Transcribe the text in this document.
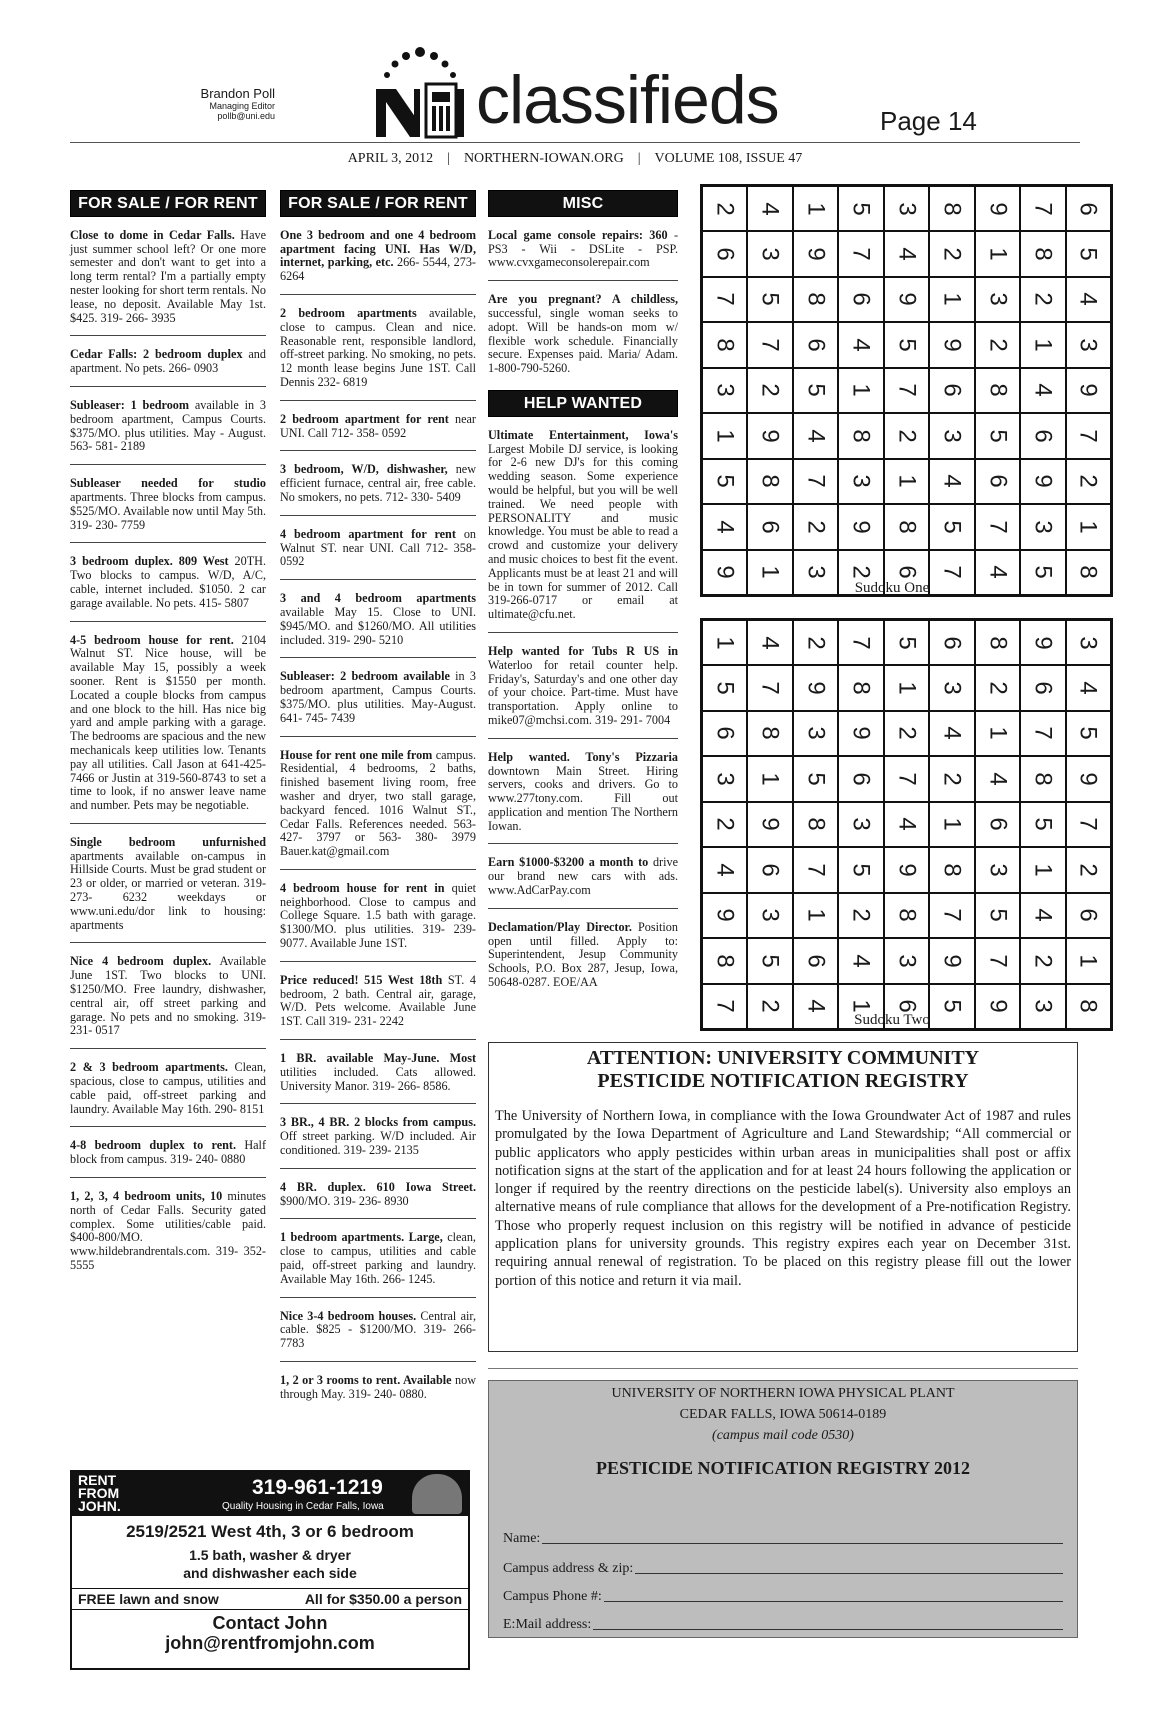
Brandon Poll
Managing Editor
pollb@uni.edu	classifieds	Page 14
APRIL 3, 2012 | NORTHERN-IOWAN.ORG | VOLUME 108, ISSUE 47
FOR SALE / FOR RENT
Close to dome in Cedar Falls. Have just summer school left? Or one more semester and don't want to get into a long term rental? I'm a partially empty nester looking for short term rentals. No lease, no deposit. Available May 1st. $425. 319- 266- 3935
Cedar Falls: 2 bedroom duplex and apartment. No pets. 266- 0903
Subleaser: 1 bedroom available in 3 bedroom apartment, Campus Courts. $375/MO. plus utilities. May - August. 563- 581- 2189
Subleaser needed for studio apartments. Three blocks from campus. $525/MO. Available now until May 5th. 319- 230- 7759
3 bedroom duplex. 809 West 20TH. Two blocks to campus. W/D, A/C, cable, internet included. $1050. 2 car garage available. No pets. 415- 5807
4-5 bedroom house for rent. 2104 Walnut ST. Nice house, will be available May 15, possibly a week sooner. Rent is $1550 per month. Located a couple blocks from campus and one block to the hill. Has nice big yard and ample parking with a garage. The bedrooms are spacious and the new mechanicals keep utilities low. Tenants pay all utilities. Call Jason at 641-425-7466 or Justin at 319-560-8743 to set a time to look, if no answer leave name and number. Pets may be negotiable.
Single bedroom unfurnished apartments available on-campus in Hillside Courts. Must be grad student or 23 or older, or married or veteran. 319- 273- 6232 weekdays or www.uni.edu/dor link to housing: apartments
Nice 4 bedroom duplex. Available June 1ST. Two blocks to UNI. $1250/MO. Free laundry, dishwasher, central air, off street parking and garage. No pets and no smoking. 319- 231- 0517
2 & 3 bedroom apartments. Clean, spacious, close to campus, utilities and cable paid, off-street parking and laundry. Available May 16th. 290- 8151
4-8 bedroom duplex to rent. Half block from campus. 319- 240- 0880
1, 2, 3, 4 bedroom units, 10 minutes north of Cedar Falls. Security gated complex. Some utilities/cable paid. $400-800/MO. www.hildebrandrentals.com. 319- 352- 5555
FOR SALE / FOR RENT
One 3 bedroom and one 4 bedroom apartment facing UNI. Has W/D, internet, parking, etc. 266- 5544, 273- 6264
2 bedroom apartments available, close to campus. Clean and nice. Reasonable rent, responsible landlord, off-street parking. No smoking, no pets. 12 month lease begins June 1ST. Call Dennis 232- 6819
2 bedroom apartment for rent near UNI. Call 712- 358- 0592
3 bedroom, W/D, dishwasher, new efficient furnace, central air, free cable. No smokers, no pets. 712- 330- 5409
4 bedroom apartment for rent on Walnut ST. near UNI. Call 712- 358- 0592
3 and 4 bedroom apartments available May 15. Close to UNI. $945/MO. and $1260/MO. All utilities included. 319- 290- 5210
Subleaser: 2 bedroom available in 3 bedroom apartment, Campus Courts. $375/MO. plus utilities. May-August. 641- 745- 7439
House for rent one mile from campus. Residential, 4 bedrooms, 2 baths, finished basement living room, free washer and dryer, two stall garage, backyard fenced. 1016 Walnut ST., Cedar Falls. References needed. 563- 427- 3797 or 563- 380- 3979 Bauer.kat@gmail.com
4 bedroom house for rent in quiet neighborhood. Close to campus and College Square. 1.5 bath with garage. $1300/MO. plus utilities. 319- 239- 9077. Available June 1ST.
Price reduced! 515 West 18th ST. 4 bedroom, 2 bath. Central air, garage, W/D. Pets welcome. Available June 1ST. Call 319- 231- 2242
1 BR. available May-June. Most utilities included. Cats allowed. University Manor. 319- 266- 8586.
3 BR., 4 BR. 2 blocks from campus. Off street parking. W/D included. Air conditioned. 319- 239- 2135
4 BR. duplex. 610 Iowa Street. $900/MO. 319- 236- 8930
1 bedroom apartments. Large, clean, close to campus, utilities and cable paid, off-street parking and laundry. Available May 16th. 266- 1245.
Nice 3-4 bedroom houses. Central air, cable. $825 - $1200/MO. 319- 266- 7783
1, 2 or 3 rooms to rent. Available now through May. 319- 240- 0880.
MISC
Local game console repairs: 360 - PS3 - Wii - DSLite - PSP. www.cvxgameconsolerepair.com
Are you pregnant? A childless, successful, single woman seeks to adopt. Will be hands-on mom w/ flexible work schedule. Financially secure. Expenses paid. Maria/ Adam. 1-800-790-5260.
HELP WANTED
Ultimate Entertainment, Iowa's Largest Mobile DJ service, is looking for 2-6 new DJ's for this coming wedding season. Some experience would be helpful, but you will be well trained. We need people with PERSONALITY and music knowledge. You must be able to read a crowd and customize your delivery and music choices to best fit the event. Applicants must be at least 21 and will be in town for summer of 2012. Call 319-266-0717 or email at ultimate@cfu.net.
Help wanted for Tubs R US in Waterloo for retail counter help. Friday's, Saturday's and one other day of your choice. Part-time. Must have transportation. Apply online to mike07@mchsi.com. 319- 291- 7004
Help wanted. Tony's Pizzaria downtown Main Street. Hiring servers, cooks and drivers. Go to www.277tony.com. Fill out application and mention The Northern Iowan.
Earn $1000-$3200 a month to drive our brand new cars with ads. www.AdCarPay.com
Declamation/Play Director. Position open until filled. Apply to: Superintendent, Jesup Community Schools, P.O. Box 287, Jesup, Iowa, 50648-0287. EOE/AA
RENT FROM JOHN.
319-961-1219
Quality Housing in Cedar Falls, Iowa
2519/2521 West 4th, 3 or 6 bedroom
1.5 bath, washer & dryer
and dishwasher each side
FREE lawn and snow	All for $350.00 a person
Contact John
john@rentfromjohn.com
2	4	1	5	3	8	9	7	6
6	3	9	7	4	2	1	8	5
7	5	8	6	9	1	3	2	4
8	7	6	4	5	9	2	1	3
3	2	5	1	7	6	8	4	9
1	9	4	8	2	3	5	6	7
5	8	7	3	1	4	6	9	2
4	6	2	9	8	5	7	3	1
9	1	3	2	6	7	4	5	8
Sudoku One
1	4	2	7	5	6	8	9	3
5	7	9	8	1	3	2	6	4
6	8	3	9	2	4	1	7	5
3	1	5	6	7	2	4	8	9
2	9	8	3	4	1	6	5	7
4	6	7	5	9	8	3	1	2
9	3	1	2	8	7	5	4	6
8	5	6	4	3	9	7	2	1
7	2	4	1	6	5	9	3	8
Sudoku Two
ATTENTION: UNIVERSITY COMMUNITY
PESTICIDE NOTIFICATION REGISTRY

The University of Northern Iowa, in compliance with the Iowa Groundwater Act of 1987 and rules promulgated by the Iowa Department of Agriculture and Land Stewardship; “All commercial or public applicators who apply pesticides within urban areas in municipalities shall post or affix notification signs at the start of the application and for at least 24 hours following the application or longer if required by the reentry directions on the pesticide label(s). University also employs an alternative means of rule compliance that allows for the development of a Pre-notification Registry. Those who properly request inclusion on this registry will be notified in advance of pesticide application plans for university grounds. This registry expires each year on December 31st. requiring annual renewal of registration. To be placed on this registry please fill out the lower portion of this notice and return it via mail.

UNIVERSITY OF NORTHERN IOWA PHYSICAL PLANT
CEDAR FALLS, IOWA 50614-0189
(campus mail code 0530)
PESTICIDE NOTIFICATION REGISTRY 2012
Name:
Campus address & zip:
Campus Phone #:
E:Mail address:
